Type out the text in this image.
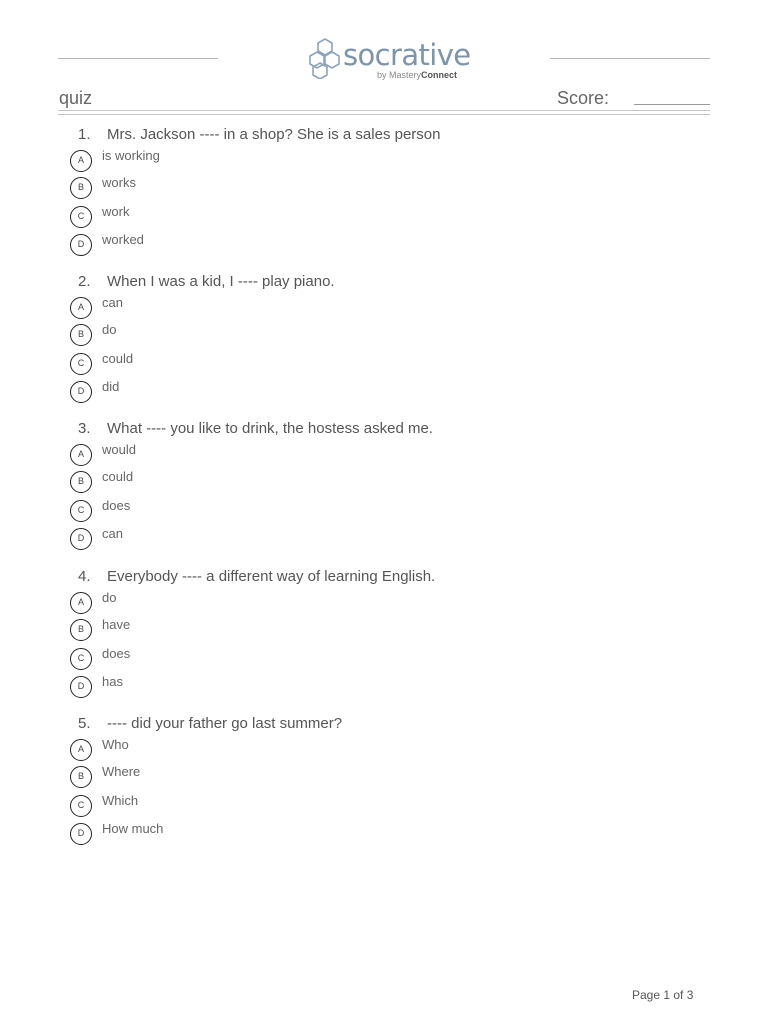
socrative
by MasteryConnect
quiz	Score:
1. Mrs. Jackson ---- in a shop? She is a sales person
A	is working
B	works
C	work
D	worked
2. When I was a kid, I ---- play piano.
A	can
B	do
C	could
D	did
3. What ---- you like to drink, the hostess asked me.
A	would
B	could
C	does
D	can
4. Everybody ---- a different way of learning English.
A	do
B	have
C	does
D	has
5. ---- did your father go last summer?
A	Who
B	Where
C	Which
D	How much
Page 1 of 3
